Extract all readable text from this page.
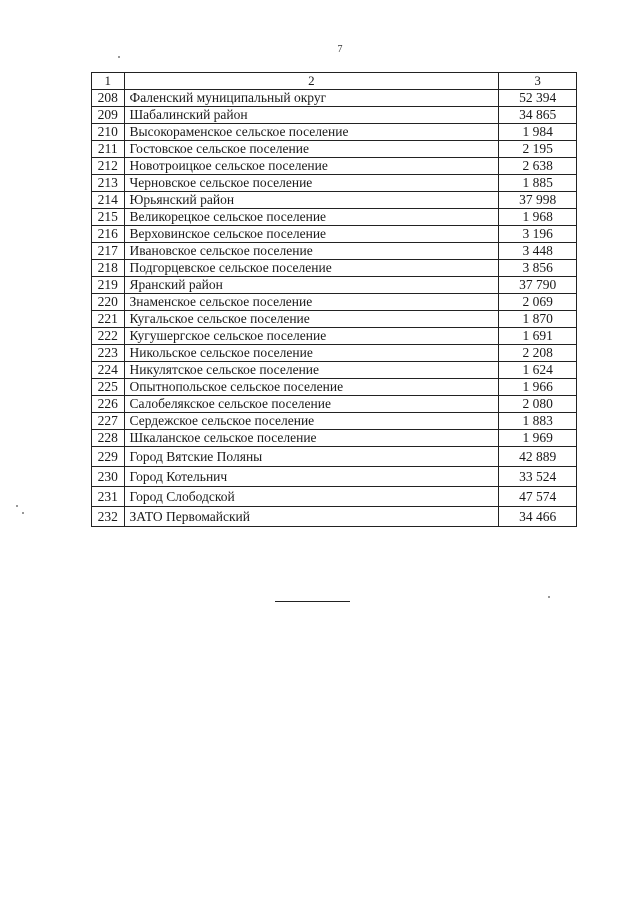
7
1	2	3
208	Фаленский муниципальный округ	52 394
209	Шабалинский район	34 865
210	Высокораменское сельское поселение	1 984
211	Гостовское сельское поселение	2 195
212	Новотроицкое сельское поселение	2 638
213	Черновское сельское поселение	1 885
214	Юрьянский район	37 998
215	Великорецкое сельское поселение	1 968
216	Верховинское сельское поселение	3 196
217	Ивановское сельское поселение	3 448
218	Подгорцевское сельское поселение	3 856
219	Яранский район	37 790
220	Знаменское сельское поселение	2 069
221	Кугальское сельское поселение	1 870
222	Кугушергское сельское поселение	1 691
223	Никольское сельское поселение	2 208
224	Никулятское сельское поселение	1 624
225	Опытнопольское сельское поселение	1 966
226	Салобелякское сельское поселение	2 080
227	Сердежское сельское поселение	1 883
228	Шкаланское сельское поселение	1 969
229	Город Вятские Поляны	42 889
230	Город Котельнич	33 524
231	Город Слободской	47 574
232	ЗАТО Первомайский	34 466
